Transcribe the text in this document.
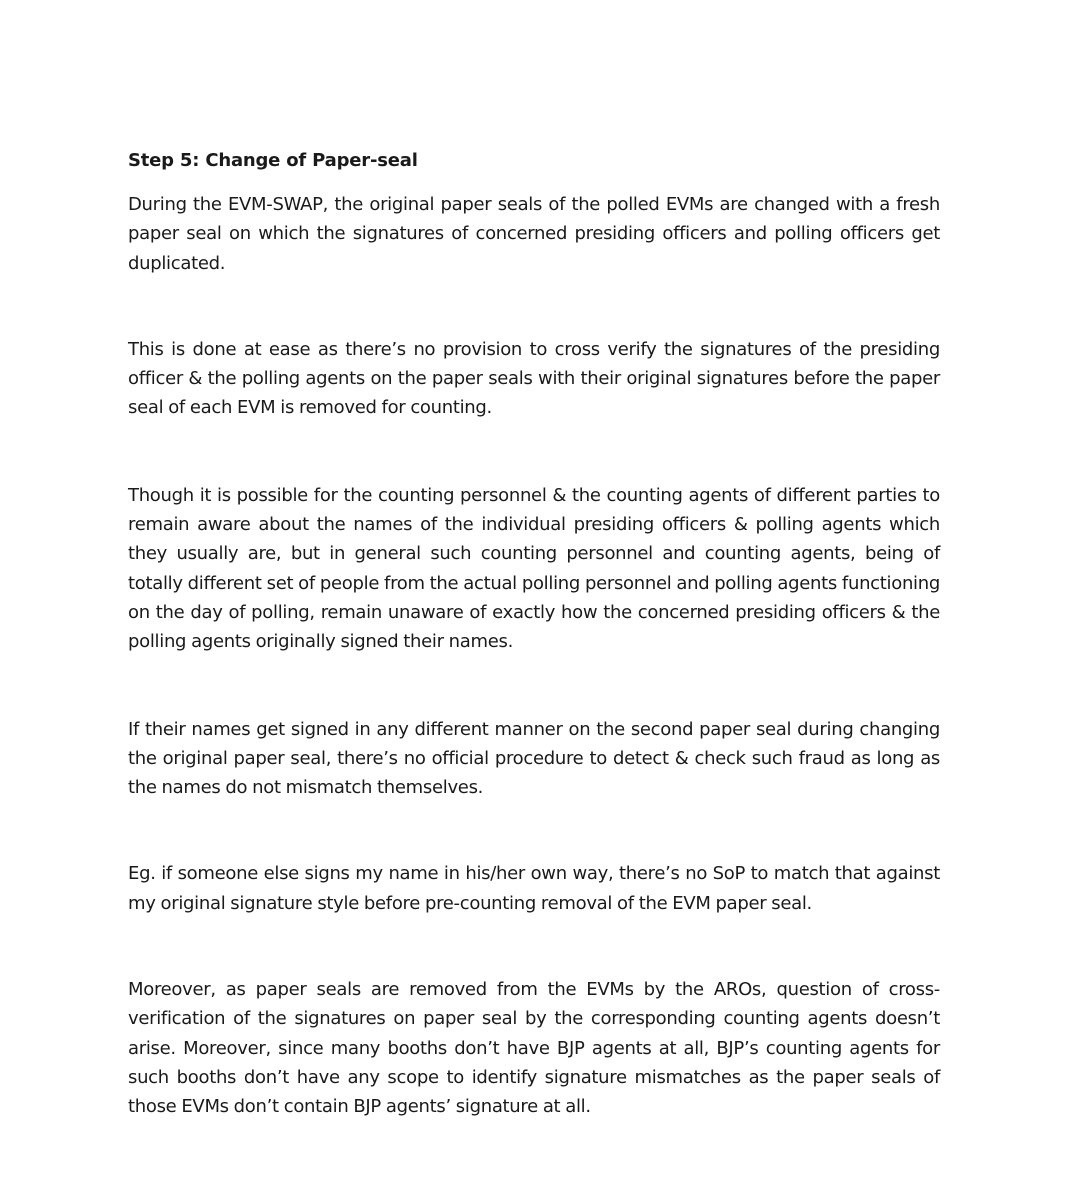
Step 5: Change of Paper-seal

During the EVM-SWAP, the original paper seals of the polled EVMs are changed with a fresh paper seal on which the signatures of concerned presiding officers and polling officers get duplicated.

This is done at ease as there’s no provision to cross verify the signatures of the presiding officer & the polling agents on the paper seals with their original signatures before the paper seal of each EVM is removed for counting.

Though it is possible for the counting personnel & the counting agents of different parties to remain aware about the names of the individual presiding officers & polling agents which they usually are, but in general such counting personnel and counting agents, being of totally different set of people from the actual polling personnel and polling agents functioning on the day of polling, remain unaware of exactly how the concerned presiding officers & the polling agents originally signed their names.

If their names get signed in any different manner on the second paper seal during changing the original paper seal, there’s no official procedure to detect & check such fraud as long as the names do not mismatch themselves.

Eg. if someone else signs my name in his/her own way, there’s no SoP to match that against my original signature style before pre-counting removal of the EVM paper seal.

Moreover, as paper seals are removed from the EVMs by the AROs, question of cross-verification of the signatures on paper seal by the corresponding counting agents doesn’t arise. Moreover, since many booths don’t have BJP agents at all, BJP’s counting agents for such booths don’t have any scope to identify signature mismatches as the paper seals of those EVMs don’t contain BJP agents’ signature at all.
